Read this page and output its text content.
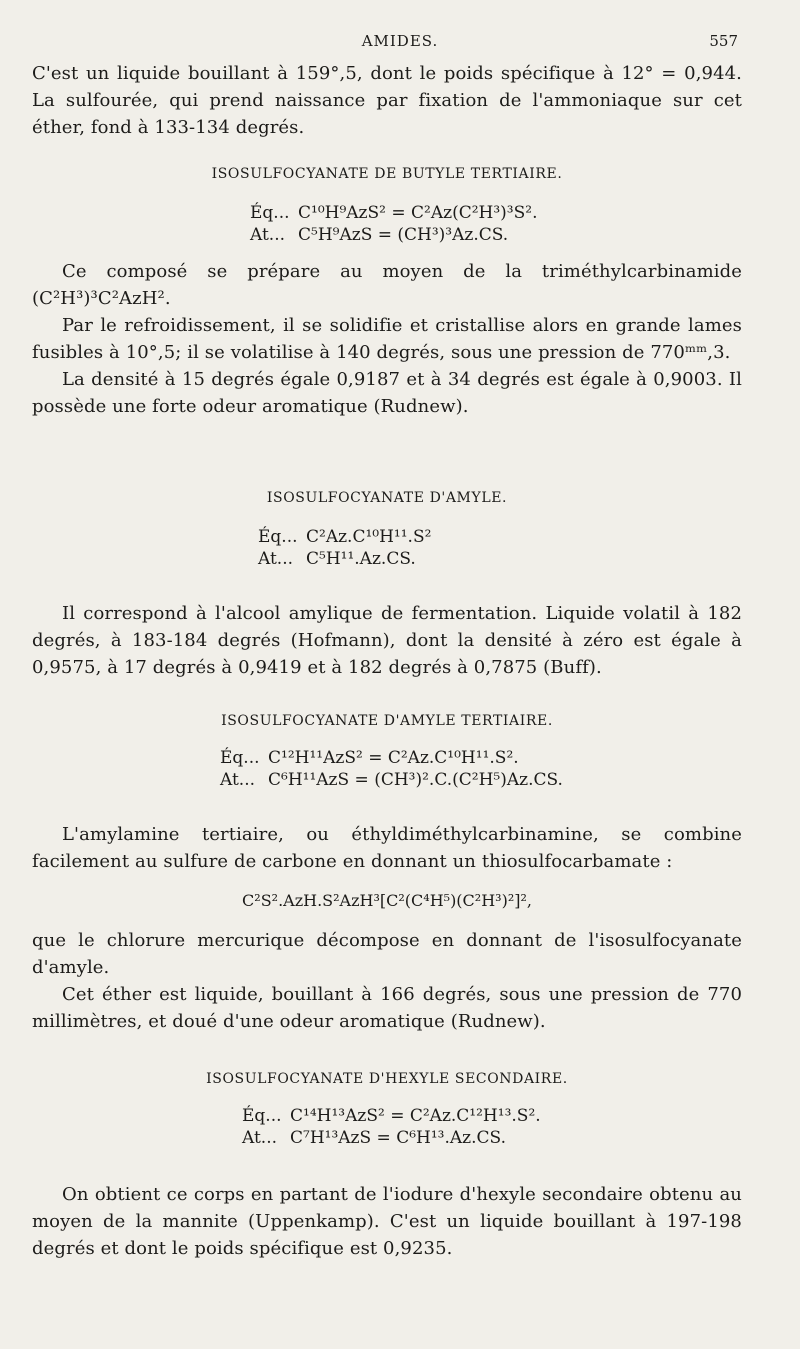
AMIDES.	557

C'est un liquide bouillant à 159°,5, dont le poids spécifique à 12° = 0,944. La sulfourée, qui prend naissance par fixation de l'ammoniaque sur cet éther, fond à 133-134 degrés.

ISOSULFOCYANATE DE BUTYLE TERTIAIRE.
Éq... C¹⁰H⁹AzS² = C²Az(C²H³)³S².
At... C⁵H⁹AzS = (CH³)³Az.CS.

Ce composé se prépare au moyen de la triméthylcarbinamide (C²H³)³C²AzH².

Par le refroidissement, il se solidifie et cristallise alors en grande lames fusibles à 10°,5; il se volatilise à 140 degrés, sous une pression de 770ᵐᵐ,3.

La densité à 15 degrés égale 0,9187 et à 34 degrés est égale à 0,9003. Il possède une forte odeur aromatique (Rudnew).

ISOSULFOCYANATE D'AMYLE.
Éq... C²Az.C¹⁰H¹¹.S²
At... C⁵H¹¹.Az.CS.

Il correspond à l'alcool amylique de fermentation. Liquide volatil à 182 degrés, à 183-184 degrés (Hofmann), dont la densité à zéro est égale à 0,9575, à 17 degrés à 0,9419 et à 182 degrés à 0,7875 (Buff).

ISOSULFOCYANATE D'AMYLE TERTIAIRE.
Éq... C¹²H¹¹AzS² = C²Az.C¹⁰H¹¹.S².
At... C⁶H¹¹AzS = (CH³)².C.(C²H⁵)Az.CS.

L'amylamine tertiaire, ou éthyldiméthylcarbinamine, se combine facilement au sulfure de carbone en donnant un thiosulfocarbamate :

C²S².AzH.S²AzH³[C²(C⁴H⁵)(C²H³)²]²,

que le chlorure mercurique décompose en donnant de l'isosulfocyanate d'amyle.

Cet éther est liquide, bouillant à 166 degrés, sous une pression de 770 millimètres, et doué d'une odeur aromatique (Rudnew).

ISOSULFOCYANATE D'HEXYLE SECONDAIRE.
Éq... C¹⁴H¹³AzS² = C²Az.C¹²H¹³.S².
At... C⁷H¹³AzS = C⁶H¹³.Az.CS.

On obtient ce corps en partant de l'iodure d'hexyle secondaire obtenu au moyen de la mannite (Uppenkamp). C'est un liquide bouillant à 197-198 degrés et dont le poids spécifique est 0,9235.
